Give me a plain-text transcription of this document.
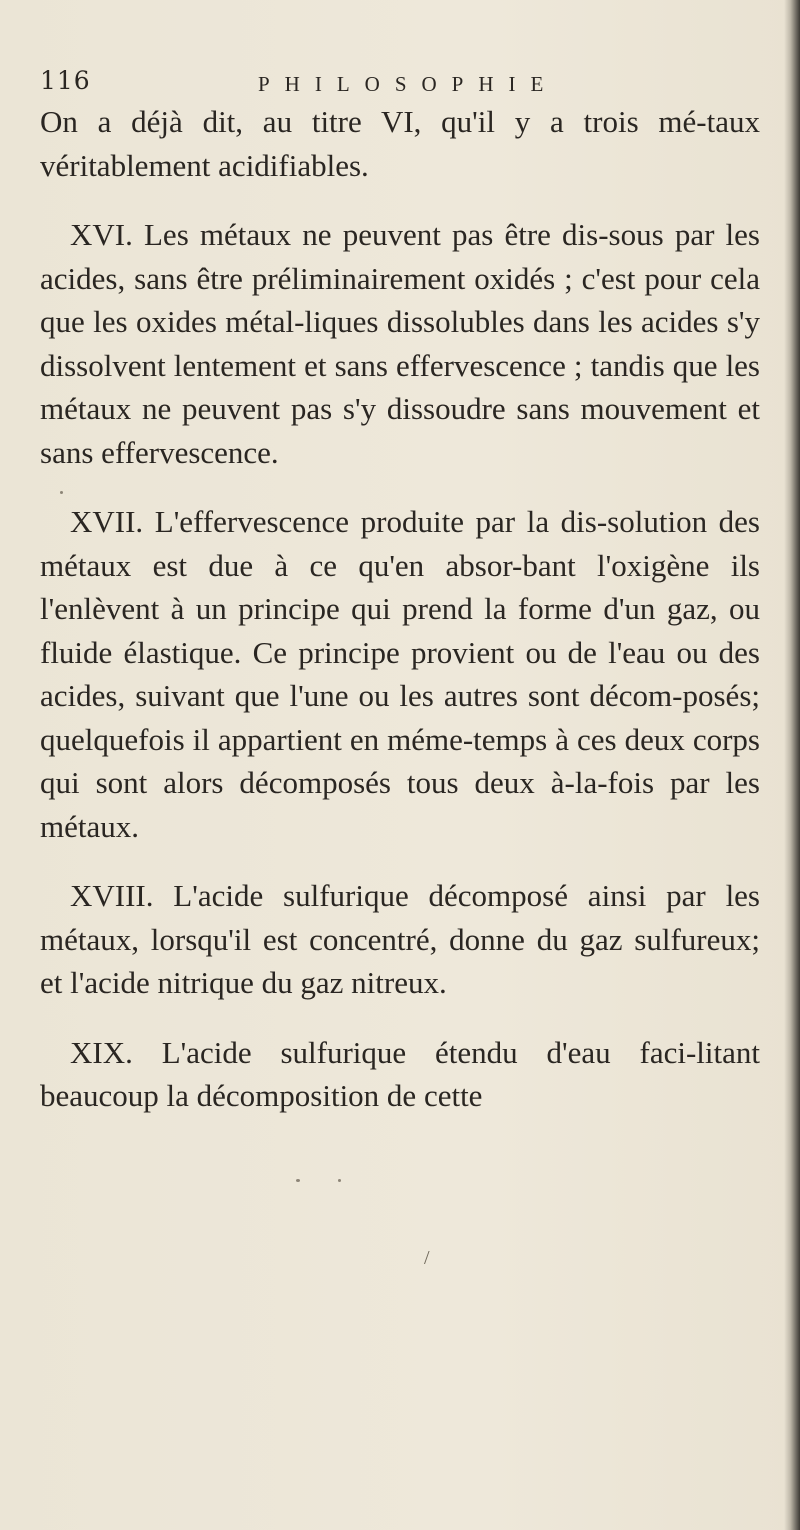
116	PHILOSOPHIE

On a déjà dit, au titre VI, qu'il y a trois mé-taux véritablement acidifiables.

XVI. Les métaux ne peuvent pas être dis-sous par les acides, sans être préliminairement oxidés ; c'est pour cela que les oxides métal-liques dissolubles dans les acides s'y dissolvent lentement et sans effervescence ; tandis que les métaux ne peuvent pas s'y dissoudre sans mouvement et sans effervescence.

XVII. L'effervescence produite par la dis-solution des métaux est due à ce qu'en absor-bant l'oxigène ils l'enlèvent à un principe qui prend la forme d'un gaz, ou fluide élastique. Ce principe provient ou de l'eau ou des acides, suivant que l'une ou les autres sont décom-posés; quelquefois il appartient en méme-temps à ces deux corps qui sont alors décomposés tous deux à-la-fois par les métaux.

XVIII. L'acide sulfurique décomposé ainsi par les métaux, lorsqu'il est concentré, donne du gaz sulfureux; et l'acide nitrique du gaz nitreux.

XIX. L'acide sulfurique étendu d'eau faci-litant beaucoup la décomposition de cette

/
